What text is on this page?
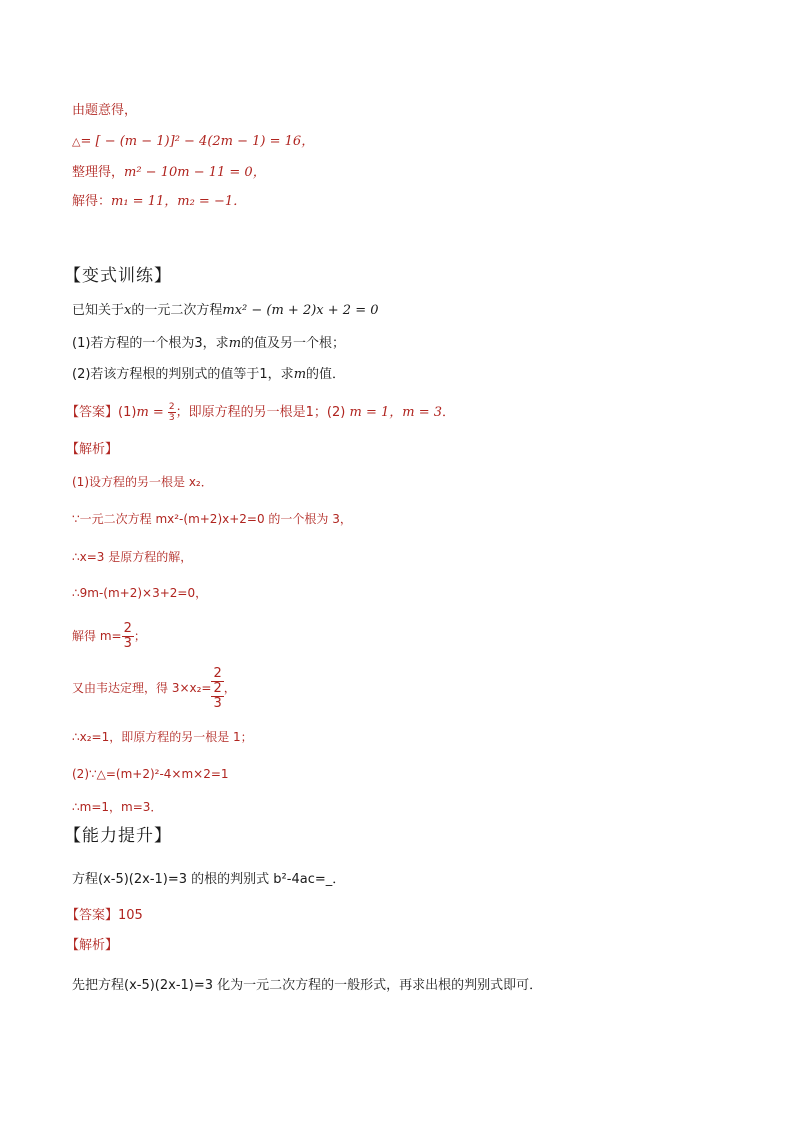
由题意得，
△= [ − (m − 1)]² − 4(2m − 1) = 16，
整理得，m² − 10m − 11 = 0，
解得：m₁ = 11，m₂ = −1．
【变式训练】
已知关于x的一元二次方程mx² − (m + 2)x + 2 = 0
(1)若方程的一个根为3，求m的值及另一个根；
(2)若该方程根的判别式的值等于1，求m的值．
【答案】$(1)m = \frac{2}{3}$ ；即原方程的另一根是1；(2) m = 1，m = 3．
【解析】
(1)设方程的另一根是 x₂．
∵一元二次方程 mx²-(m+2)x+2=0 的一个根为 3，
∴x=3 是原方程的解，
∴9m-(m+2)×3+2=0，
解得 $m= \frac{2}{3}$ ；
又由韦达定理，得 3×x₂= 2
2
3 ，
∴x₂=1，即原方程的另一根是 1；
(2)∵△=(m+2)²-4×m×2=1
∴m=1，m=3．
【能力提升】
方程(x-5)(2x-1)=3 的根的判别式 b²-4ac=_．
【答案】105
【解析】
先把方程(x-5)(2x-1)=3 化为一元二次方程的一般形式，再求出根的判别式即可．
